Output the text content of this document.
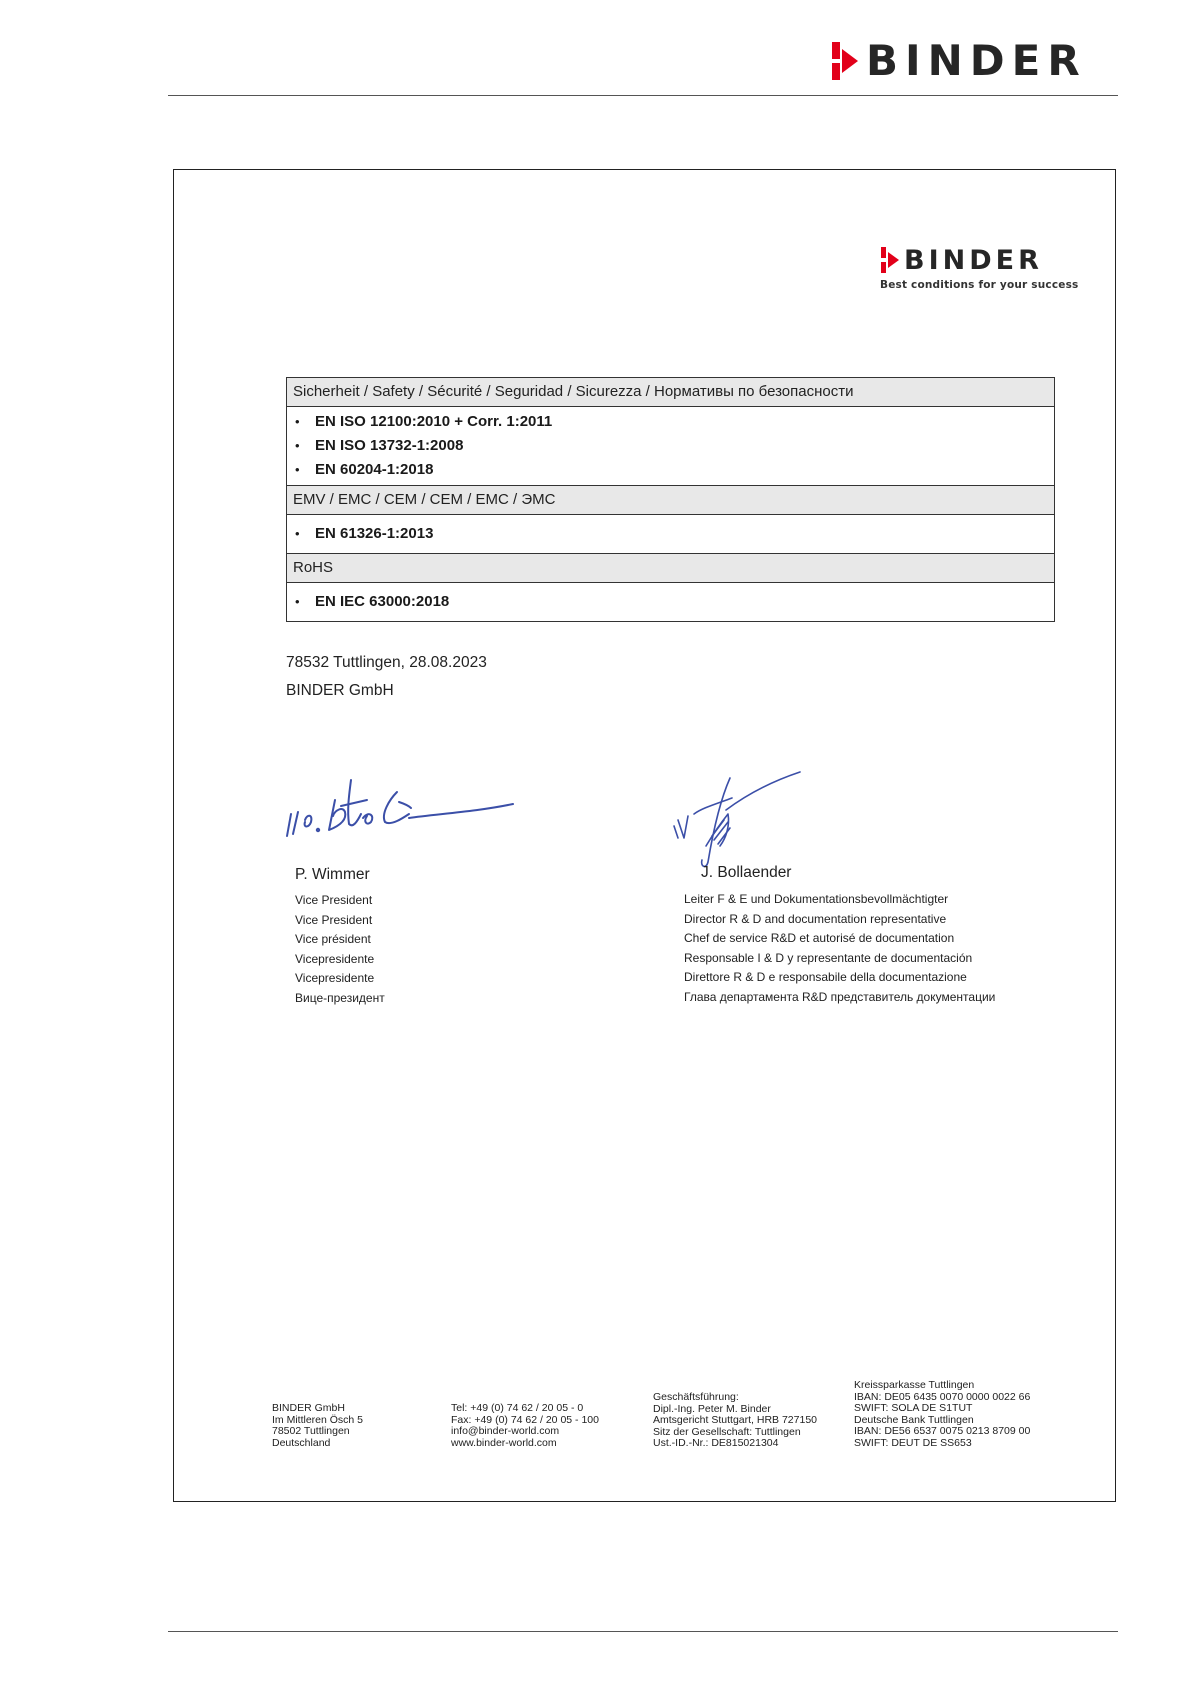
BINDER
BINDER
Best conditions for your success
Sicherheit / Safety / Sécurité / Seguridad / Sicurezza / Нормативы по безопасности
• EN ISO 12100:2010 + Corr. 1:2011
• EN ISO 13732-1:2008
• EN 60204-1:2018
EMV / EMC / CEM / CEM / EMC / ЭМС
• EN 61326-1:2013
RoHS
• EN IEC 63000:2018
78532 Tuttlingen, 28.08.2023
BINDER GmbH
P. Wimmer
Vice President
Vice President
Vice président
Vicepresidente
Vicepresidente
Вице-президент
J. Bollaender
Leiter F & E und Dokumentationsbevollmächtigter
Director R & D and documentation representative
Chef de service R&D et autorisé de documentation
Responsable I & D y representante de documentación
Direttore R & D e responsabile della documentazione
Глава департамента R&D представитель документации
BINDER GmbH
Im Mittleren Ösch 5
78502 Tuttlingen
Deutschland
Tel: +49 (0) 74 62 / 20 05 - 0
Fax: +49 (0) 74 62 / 20 05 - 100
info@binder-world.com
www.binder-world.com
Geschäftsführung:
Dipl.-Ing. Peter M. Binder
Amtsgericht Stuttgart, HRB 727150
Sitz der Gesellschaft: Tuttlingen
Ust.-ID.-Nr.: DE815021304
Kreissparkasse Tuttlingen
IBAN: DE05 6435 0070 0000 0022 66
SWIFT: SOLA DE S1TUT
Deutsche Bank Tuttlingen
IBAN: DE56 6537 0075 0213 8709 00
SWIFT: DEUT DE SS653
